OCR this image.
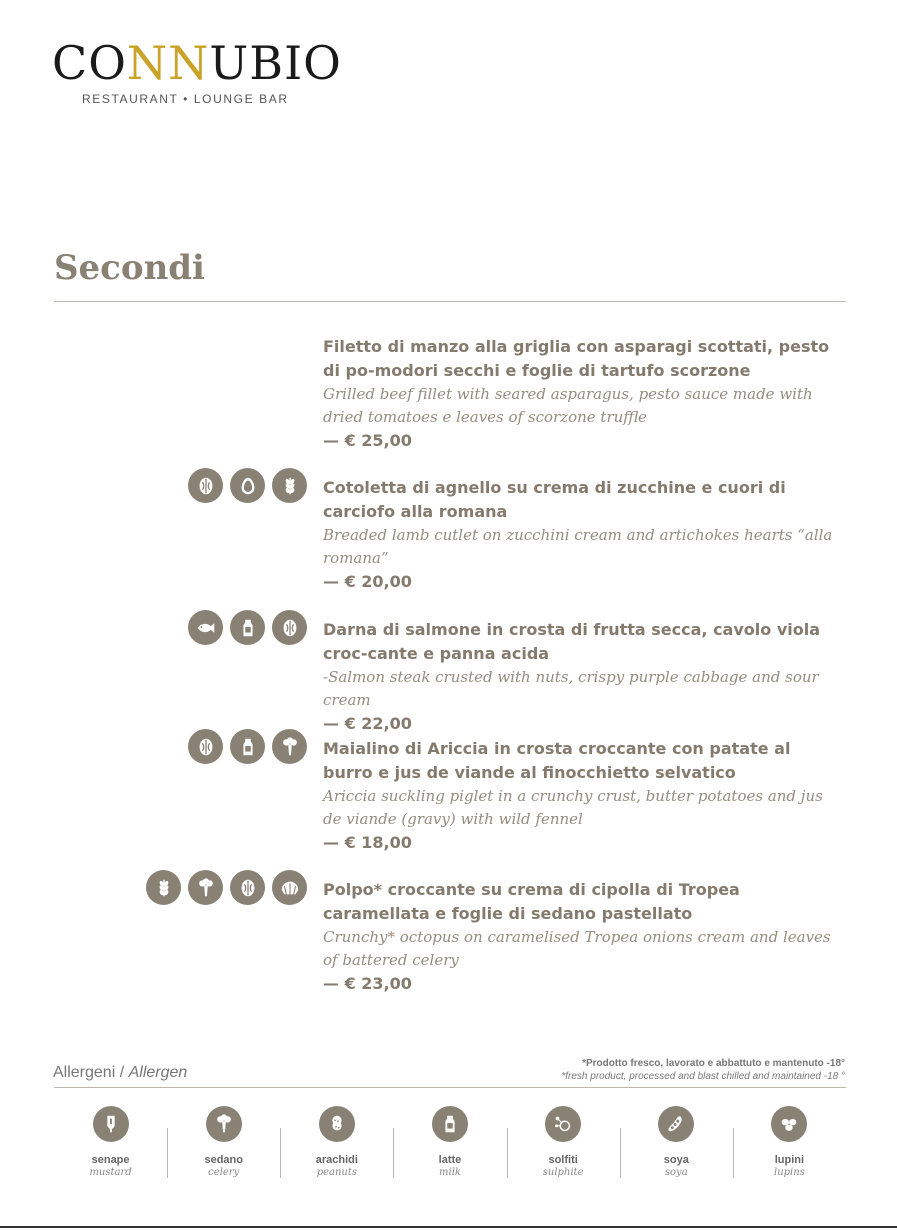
CONNUBIO
RESTAURANT • LOUNGE BAR
Secondi
Filetto di manzo alla griglia con asparagi scottati, pesto di po-modori secchi e foglie di tartufo scorzone
Grilled beef fillet with seared asparagus, pesto sauce made with dried tomatoes e leaves of scorzone truffle
— € 25,00
Cotoletta di agnello su crema di zucchine e cuori di carciofo alla romana
Breaded lamb cutlet on zucchini cream and artichokes hearts “alla romana”
— € 20,00
Darna di salmone in crosta di frutta secca, cavolo viola croc-cante e panna acida
-Salmon steak crusted with nuts, crispy purple cabbage and sour cream
— € 22,00
Maialino di Ariccia in crosta croccante con patate al burro e jus de viande al finocchietto selvatico
Ariccia suckling piglet in a crunchy crust, butter potatoes and jus de viande (gravy) with wild fennel
— € 18,00
Polpo* croccante su crema di cipolla di Tropea caramellata e foglie di sedano pastellato
Crunchy* octopus on caramelised Tropea onions cream and leaves of battered celery
— € 23,00
Allergeni / Allergen
*Prodotto fresco, lavorato e abbattuto e mantenuto -18°
*fresh product, processed and blast chilled and maintained -18 °
senape
mustard
sedano
celery
arachidi
peanuts
latte
milk
solfiti
sulphite
soya
soya
lupini
lupins
